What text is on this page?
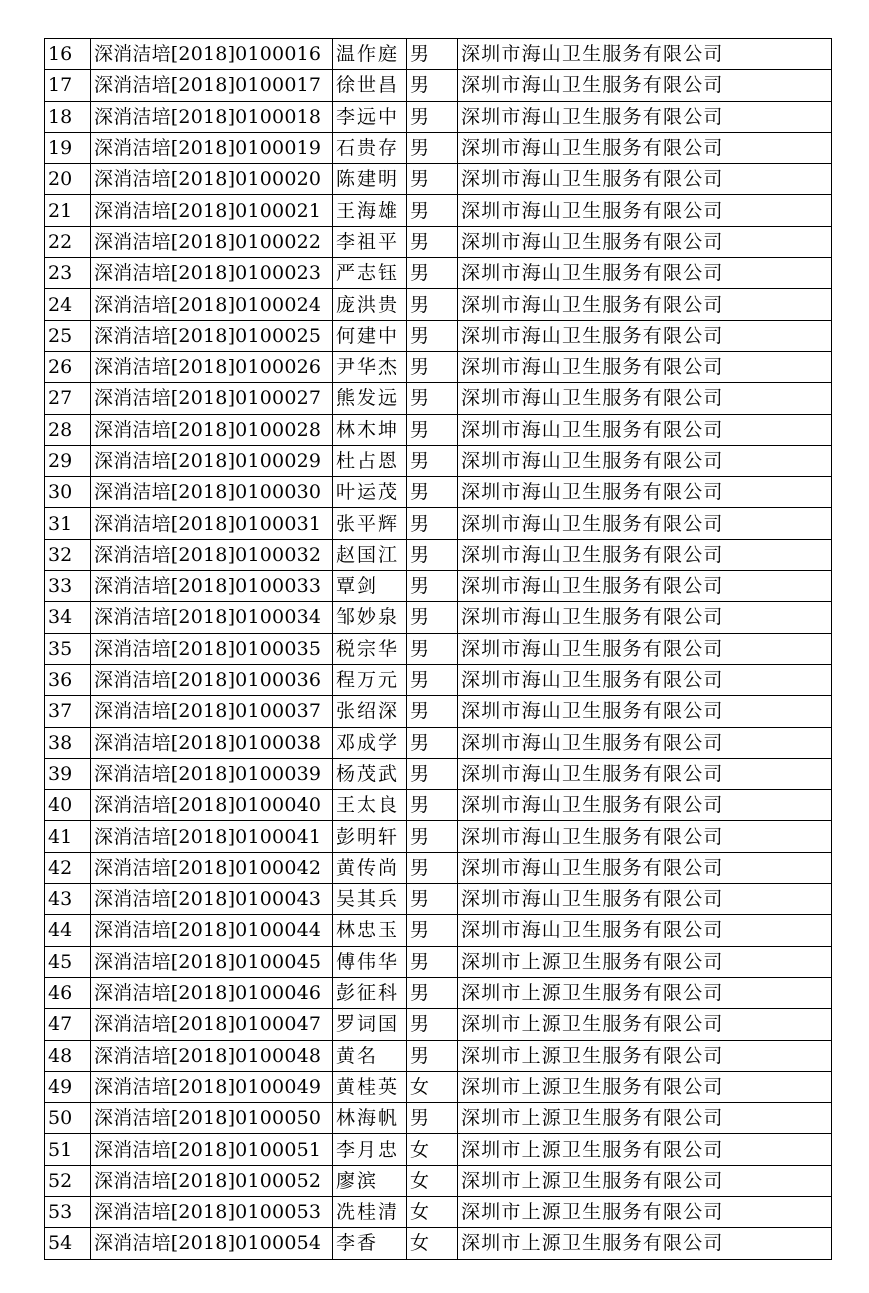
16	深消洁培[2018]0100016	温作庭	男	深圳市海山卫生服务有限公司
17	深消洁培[2018]0100017	徐世昌	男	深圳市海山卫生服务有限公司
18	深消洁培[2018]0100018	李远中	男	深圳市海山卫生服务有限公司
19	深消洁培[2018]0100019	石贵存	男	深圳市海山卫生服务有限公司
20	深消洁培[2018]0100020	陈建明	男	深圳市海山卫生服务有限公司
21	深消洁培[2018]0100021	王海雄	男	深圳市海山卫生服务有限公司
22	深消洁培[2018]0100022	李祖平	男	深圳市海山卫生服务有限公司
23	深消洁培[2018]0100023	严志钰	男	深圳市海山卫生服务有限公司
24	深消洁培[2018]0100024	庞洪贵	男	深圳市海山卫生服务有限公司
25	深消洁培[2018]0100025	何建中	男	深圳市海山卫生服务有限公司
26	深消洁培[2018]0100026	尹华杰	男	深圳市海山卫生服务有限公司
27	深消洁培[2018]0100027	熊发远	男	深圳市海山卫生服务有限公司
28	深消洁培[2018]0100028	林木坤	男	深圳市海山卫生服务有限公司
29	深消洁培[2018]0100029	杜占恩	男	深圳市海山卫生服务有限公司
30	深消洁培[2018]0100030	叶运茂	男	深圳市海山卫生服务有限公司
31	深消洁培[2018]0100031	张平辉	男	深圳市海山卫生服务有限公司
32	深消洁培[2018]0100032	赵国江	男	深圳市海山卫生服务有限公司
33	深消洁培[2018]0100033	覃剑	男	深圳市海山卫生服务有限公司
34	深消洁培[2018]0100034	邹妙泉	男	深圳市海山卫生服务有限公司
35	深消洁培[2018]0100035	税宗华	男	深圳市海山卫生服务有限公司
36	深消洁培[2018]0100036	程万元	男	深圳市海山卫生服务有限公司
37	深消洁培[2018]0100037	张绍深	男	深圳市海山卫生服务有限公司
38	深消洁培[2018]0100038	邓成学	男	深圳市海山卫生服务有限公司
39	深消洁培[2018]0100039	杨茂武	男	深圳市海山卫生服务有限公司
40	深消洁培[2018]0100040	王太良	男	深圳市海山卫生服务有限公司
41	深消洁培[2018]0100041	彭明轩	男	深圳市海山卫生服务有限公司
42	深消洁培[2018]0100042	黄传尚	男	深圳市海山卫生服务有限公司
43	深消洁培[2018]0100043	吴其兵	男	深圳市海山卫生服务有限公司
44	深消洁培[2018]0100044	林忠玉	男	深圳市海山卫生服务有限公司
45	深消洁培[2018]0100045	傅伟华	男	深圳市上源卫生服务有限公司
46	深消洁培[2018]0100046	彭征科	男	深圳市上源卫生服务有限公司
47	深消洁培[2018]0100047	罗词国	男	深圳市上源卫生服务有限公司
48	深消洁培[2018]0100048	黄名	男	深圳市上源卫生服务有限公司
49	深消洁培[2018]0100049	黄桂英	女	深圳市上源卫生服务有限公司
50	深消洁培[2018]0100050	林海帆	男	深圳市上源卫生服务有限公司
51	深消洁培[2018]0100051	李月忠	女	深圳市上源卫生服务有限公司
52	深消洁培[2018]0100052	廖滨	女	深圳市上源卫生服务有限公司
53	深消洁培[2018]0100053	冼桂清	女	深圳市上源卫生服务有限公司
54	深消洁培[2018]0100054	李香	女	深圳市上源卫生服务有限公司
